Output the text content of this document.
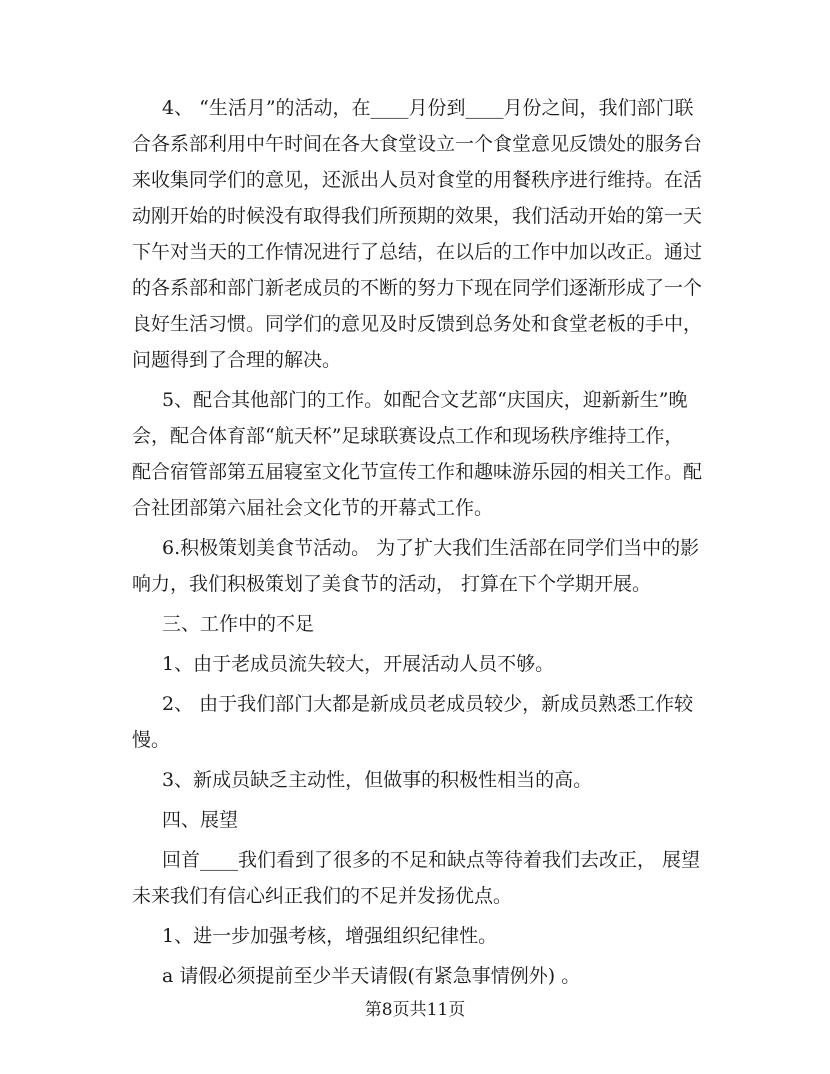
4、 “生活月”的活动，在____月份到____月份之间，我们部门联
合各系部利用中午时间在各大食堂设立一个食堂意见反馈处的服务台
来收集同学们的意见，还派出人员对食堂的用餐秩序进行维持。在活
动刚开始的时候没有取得我们所预期的效果，我们活动开始的第一天
下午对当天的工作情况进行了总结，在以后的工作中加以改正。通过
的各系部和部门新老成员的不断的努力下现在同学们逐渐形成了一个
良好生活习惯。同学们的意见及时反馈到总务处和食堂老板的手中，
问题得到了合理的解决。
5、配合其他部门的工作。如配合文艺部“庆国庆，迎新新生”晚
会，配合体育部“航天杯”足球联赛设点工作和现场秩序维持工作，
配合宿管部第五届寝室文化节宣传工作和趣味游乐园的相关工作。配
合社团部第六届社会文化节的开幕式工作。
6.积极策划美食节活动。 为了扩大我们生活部在同学们当中的影
响力，我们积极策划了美食节的活动， 打算在下个学期开展。
三、工作中的不足
1、由于老成员流失较大，开展活动人员不够。
2、 由于我们部门大都是新成员老成员较少，新成员熟悉工作较
慢。
3、新成员缺乏主动性，但做事的积极性相当的高。
四、展望
回首____我们看到了很多的不足和缺点等待着我们去改正， 展望
未来我们有信心纠正我们的不足并发扬优点。
1、进一步加强考核，增强组织纪律性。
a 请假必须提前至少半天请假(有紧急事情例外) 。
第8页共11页
